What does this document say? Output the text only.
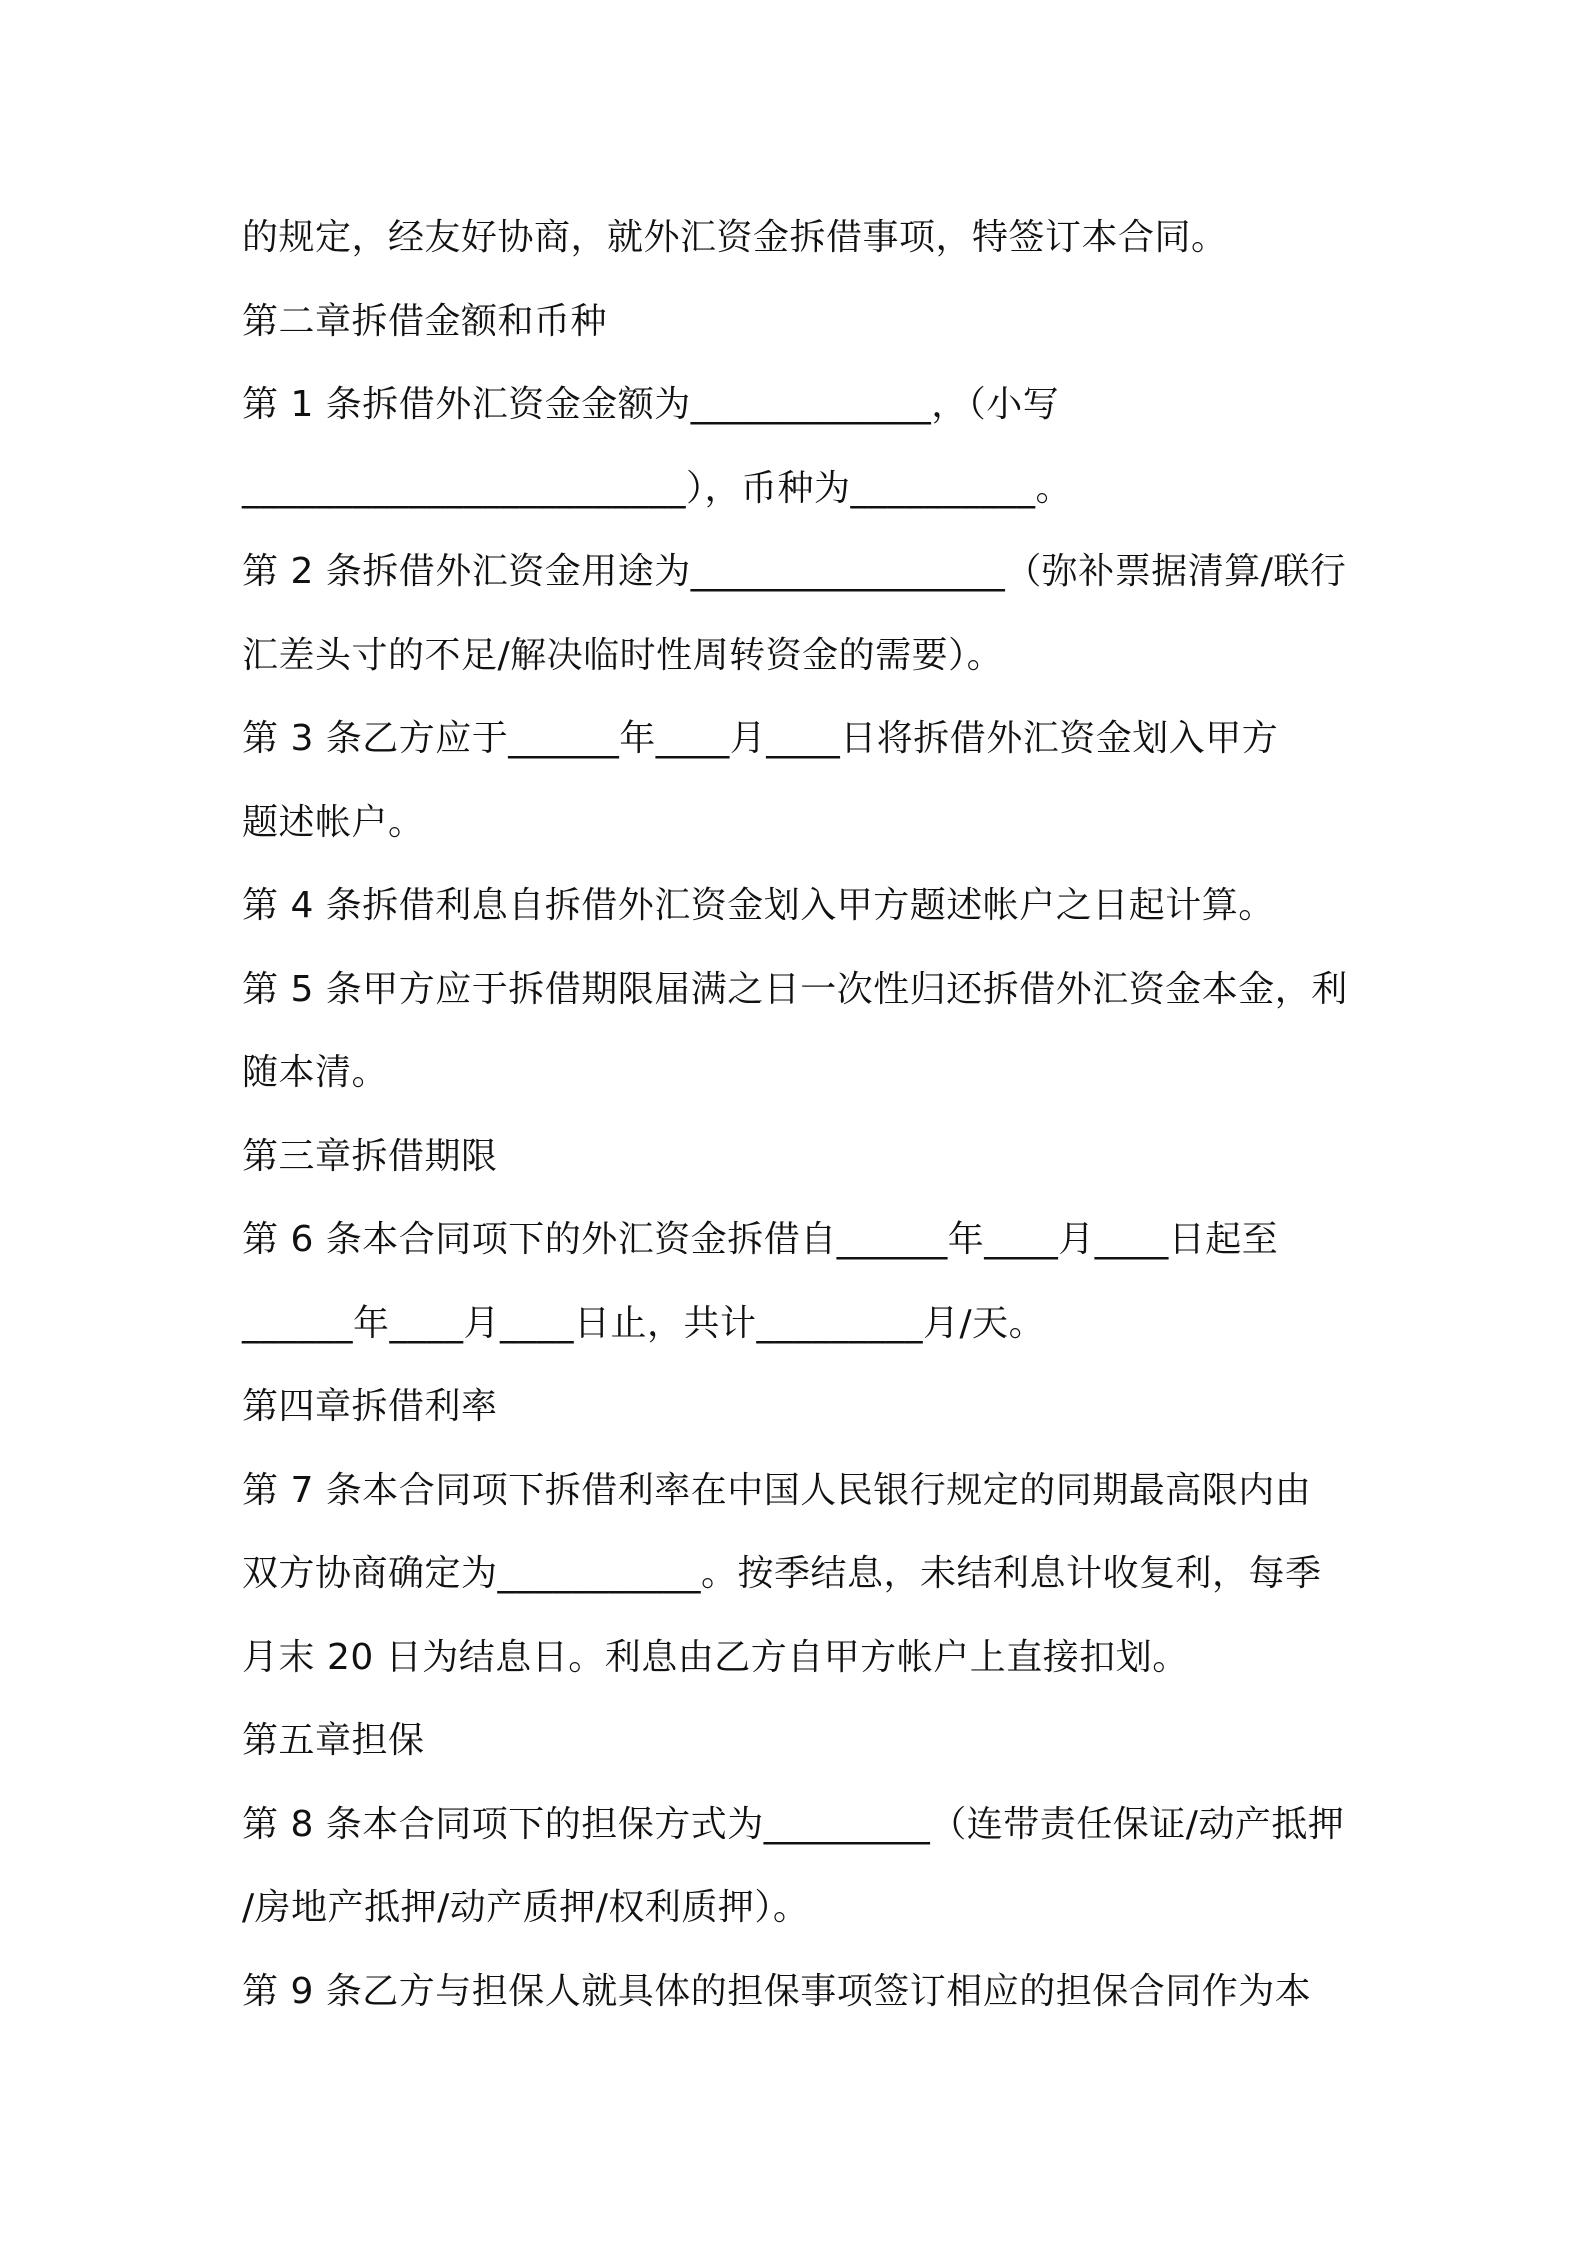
的规定，经友好协商，就外汇资金拆借事项，特签订本合同。
第二章拆借金额和币种
第 1 条拆借外汇资金金额为_____________，（小写
________________________），币种为__________。
第 2 条拆借外汇资金用途为_________________（弥补票据清算/联行
汇差头寸的不足/解决临时性周转资金的需要）。
第 3 条乙方应于______年____月____日将拆借外汇资金划入甲方
题述帐户。
第 4 条拆借利息自拆借外汇资金划入甲方题述帐户之日起计算。
第 5 条甲方应于拆借期限届满之日一次性归还拆借外汇资金本金，利
随本清。
第三章拆借期限
第 6 条本合同项下的外汇资金拆借自______年____月____日起至
______年____月____日止，共计_________月/天。
第四章拆借利率
第 7 条本合同项下拆借利率在中国人民银行规定的同期最高限内由
双方协商确定为___________。按季结息，未结利息计收复利，每季
月末 20 日为结息日。利息由乙方自甲方帐户上直接扣划。
第五章担保
第 8 条本合同项下的担保方式为_________（连带责任保证/动产抵押
/房地产抵押/动产质押/权利质押）。
第 9 条乙方与担保人就具体的担保事项签订相应的担保合同作为本
